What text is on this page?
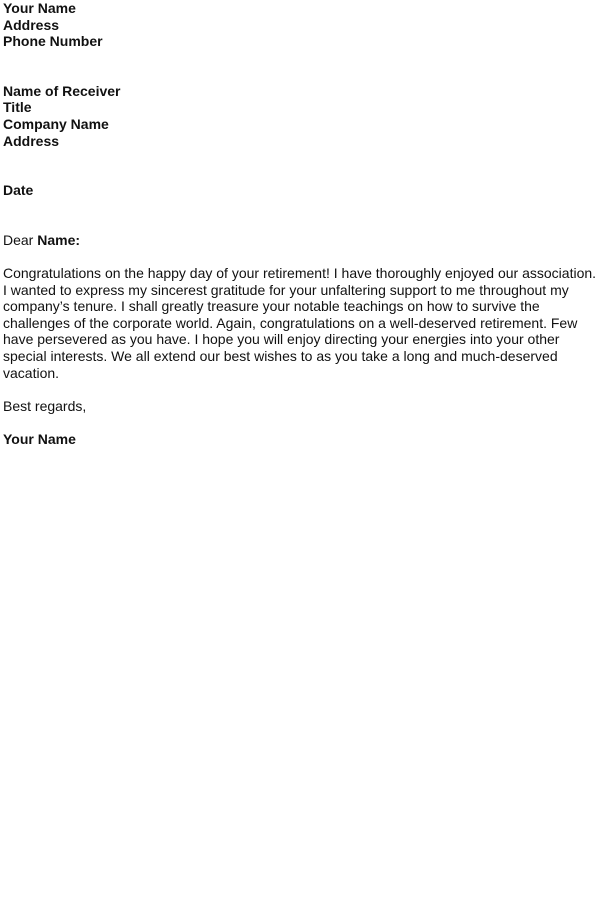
Your Name
Address
Phone Number
Name of Receiver
Title
Company Name
Address
Date
Dear Name:
Congratulations on the happy day of your retirement! I have thoroughly enjoyed our association.
I wanted to express my sincerest gratitude for your unfaltering support to me throughout my
company’s tenure. I shall greatly treasure your notable teachings on how to survive the
challenges of the corporate world. Again, congratulations on a well-deserved retirement. Few
have persevered as you have. I hope you will enjoy directing your energies into your other
special interests. We all extend our best wishes to as you take a long and much-deserved
vacation.
Best regards,
Your Name
